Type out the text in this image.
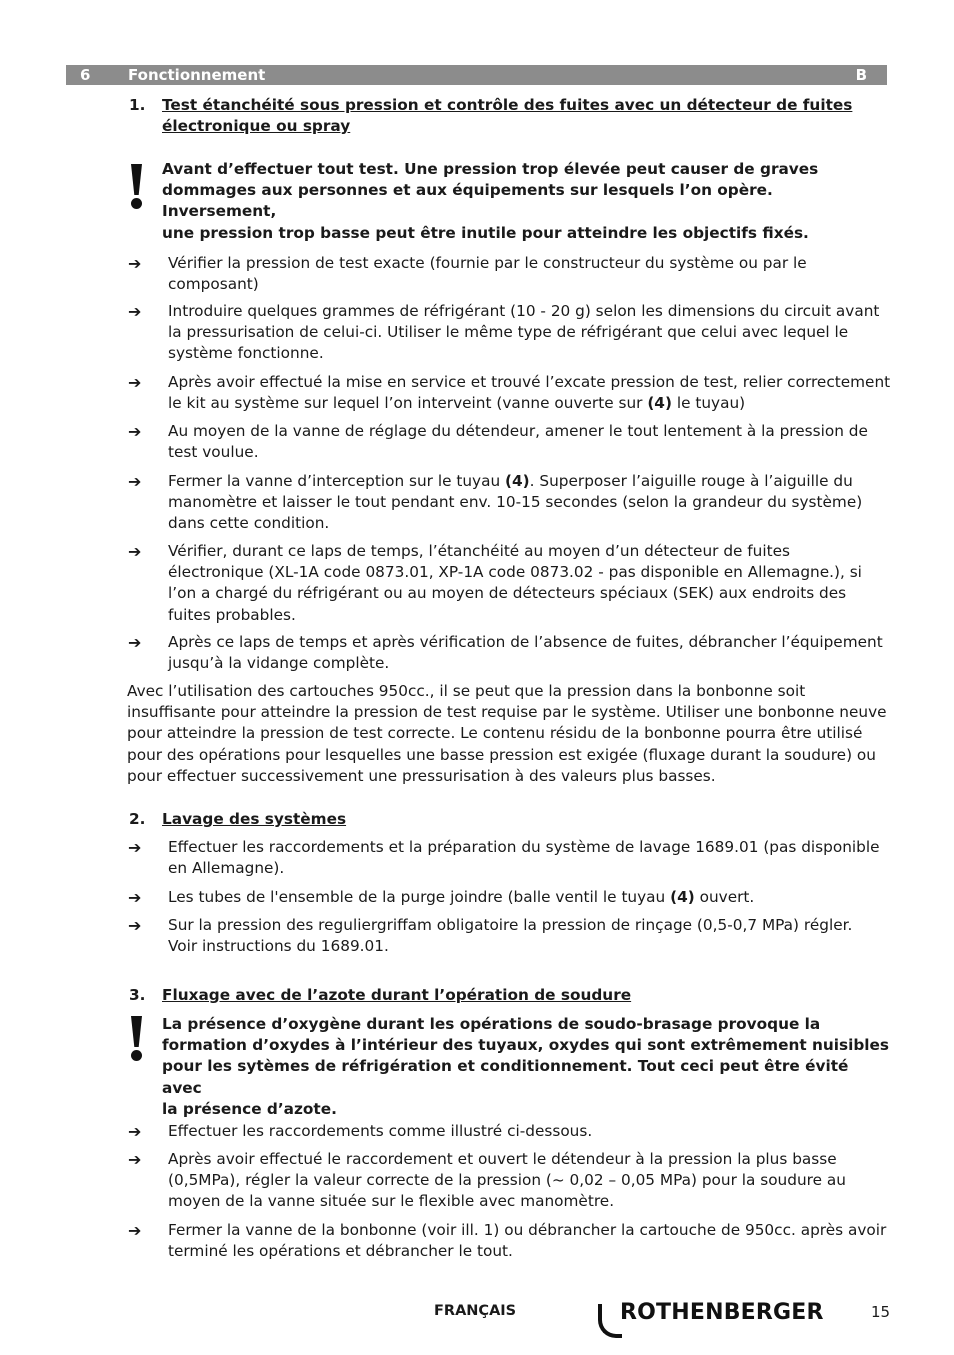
6	Fonctionnement	B
1. Test étanchéité sous pression et contrôle des fuites avec un détecteur de fuites
électronique ou spray
Avant d’effectuer tout test. Une pression trop élevée peut causer de graves
dommages aux personnes et aux équipements sur lesquels l’on opère. Inversement,
une pression trop basse peut être inutile pour atteindre les objectifs fixés.
➔ Vérifier la pression de test exacte (fournie par le constructeur du système ou par le
composant)
➔ Introduire quelques grammes de réfrigérant (10 - 20 g) selon les dimensions du circuit avant
la pressurisation de celui-ci. Utiliser le même type de réfrigérant que celui avec lequel le
système fonctionne.
➔ Après avoir effectué la mise en service et trouvé l’excate pression de test, relier correctement
le kit au système sur lequel l’on interveint (vanne ouverte sur (4) le tuyau)
➔ Au moyen de la vanne de réglage du détendeur, amener le tout lentement à la pression de
test voulue.
➔ Fermer la vanne d’interception sur le tuyau (4). Superposer l’aiguille rouge à l’aiguille du
manomètre et laisser le tout pendant env. 10-15 secondes (selon la grandeur du système)
dans cette condition.
➔ Vérifier, durant ce laps de temps, l’étanchéité au moyen d’un détecteur de fuites
électronique (XL-1A code 0873.01, XP-1A code 0873.02 - pas disponible en Allemagne.), si
l’on a chargé du réfrigérant ou au moyen de détecteurs spéciaux (SEK) aux endroits des
fuites probables.
➔ Après ce laps de temps et après vérification de l’absence de fuites, débrancher l’équipement
jusqu’à la vidange complète.
Avec l’utilisation des cartouches 950cc., il se peut que la pression dans la bonbonne soit
insuffisante pour atteindre la pression de test requise par le système. Utiliser une bonbonne neuve
pour atteindre la pression de test correcte. Le contenu résidu de la bonbonne pourra être utilisé
pour des opérations pour lesquelles une basse pression est exigée (fluxage durant la soudure) ou
pour effectuer successivement une pressurisation à des valeurs plus basses.
2. Lavage des systèmes
➔ Effectuer les raccordements et la préparation du système de lavage 1689.01 (pas disponible
en Allemagne).
➔ Les tubes de l'ensemble de la purge joindre (balle ventil le tuyau (4) ouvert.
➔ Sur la pression des reguliergriffam obligatoire la pression de rinçage (0,5-0,7 MPa) régler.
Voir instructions du 1689.01.
3. Fluxage avec de l’azote durant l’opération de soudure
La présence d’oxygène durant les opérations de soudo-brasage provoque la
formation d’oxydes à l’intérieur des tuyaux, oxydes qui sont extrêmement nuisibles
pour les sytèmes de réfrigération et conditionnement. Tout ceci peut être évité avec
la présence d’azote.
➔ Effectuer les raccordements comme illustré ci-dessous.
➔ Après avoir effectué le raccordement et ouvert le détendeur à la pression la plus basse
(0,5MPa), régler la valeur correcte de la pression (~ 0,02 – 0,05 MPa) pour la soudure au
moyen de la vanne située sur le flexible avec manomètre.
➔ Fermer la vanne de la bonbonne (voir ill. 1) ou débrancher la cartouche de 950cc. après avoir
terminé les opérations et débrancher le tout.
FRANÇAIS	ROTHENBERGER	15
